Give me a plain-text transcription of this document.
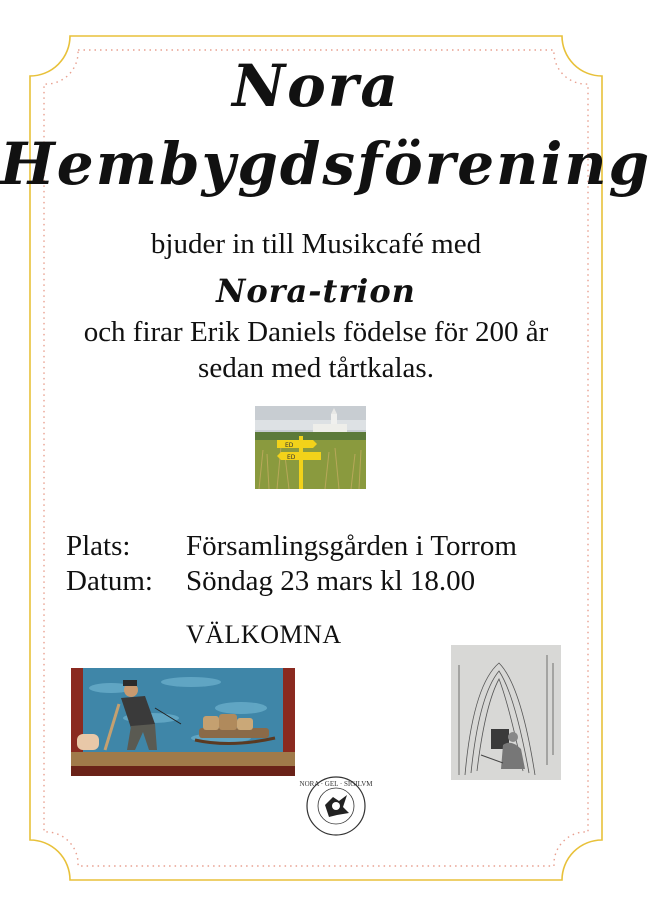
Nora
Hembygdsförening
bjuder in till Musikcafé med
Nora-trion
och firar Erik Daniels födelse för 200 år
sedan med tårtkalas.
ED
ED
Plats: Församlingsgården i Torrom
Datum: Söndag 23 mars kl 18.00
VÄLKOMNA
NORA · GEL · SIGILVM
